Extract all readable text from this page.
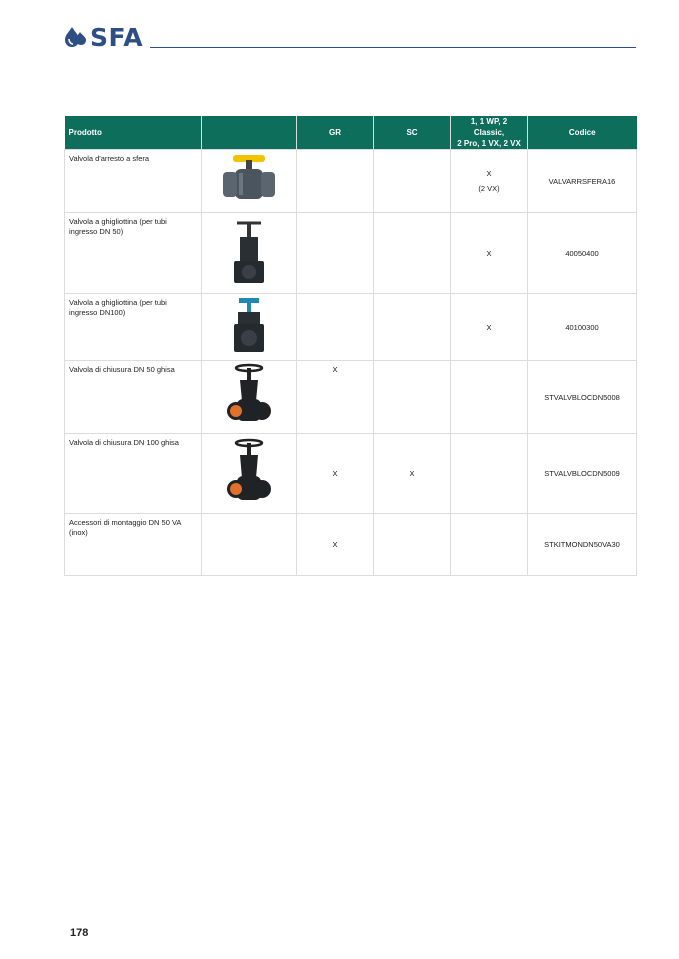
SFA
Prodotto		GR	SC	1, 1 WP, 2 Classic,
2 Pro, 1 VX, 2 VX	Codice
Valvola d'arresto a sfera				X
(2 VX)	VALVARRSFERA16
Valvola a ghigliottina (per tubi ingresso DN 50)				X	40050400
Valvola a ghigliottina (per tubi ingresso DN100)				X	40100300
Valvola di chiusura DN 50 ghisa		X			STVALVBLOCDN5008
Valvola di chiusura DN 100 ghisa		X	X		STVALVBLOCDN5009
Accessori di montaggio DN 50 VA (inox)		X			STKITMONDN50VA30
178
